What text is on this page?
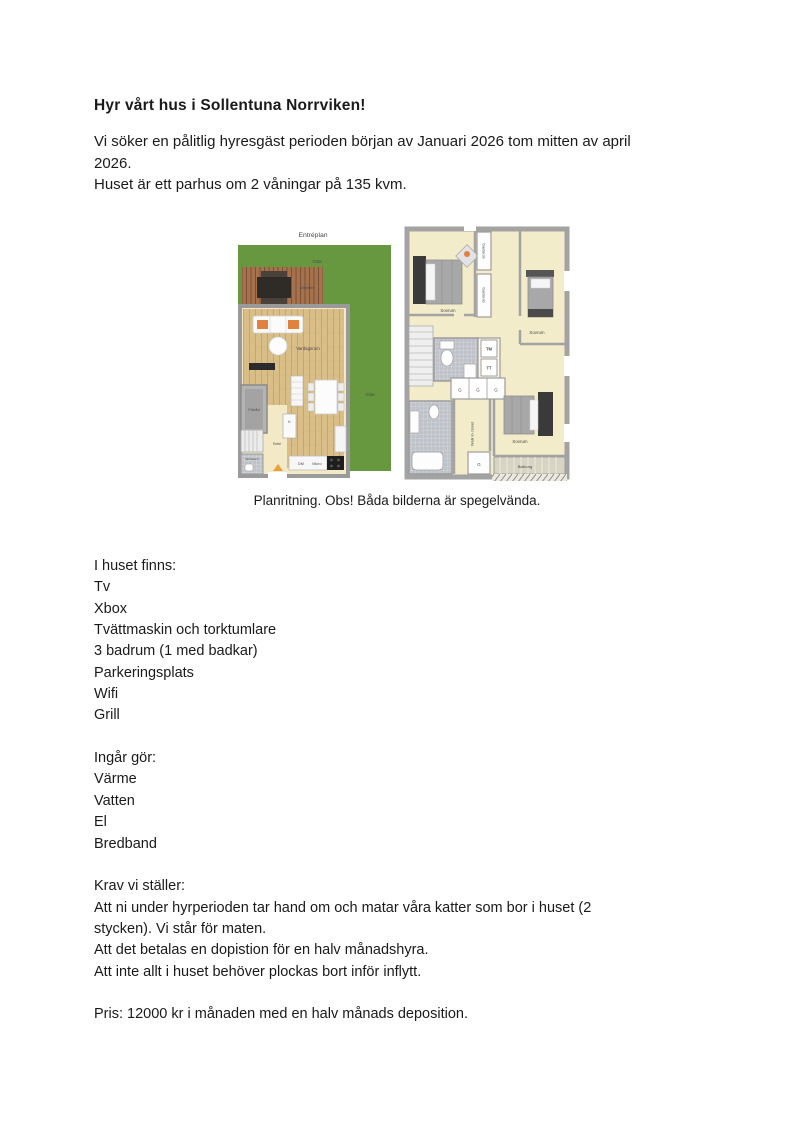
Hyr vårt hus i Sollentuna Norrviken!
Vi söker en pålitlig hyresgäst perioden början av Januari 2026 tom mitten av april
2026.
Huset är ett parhus om 2 våningar på 135 kvm.
Entréplan
Gräs
Gräs
Uteplats
Vardagsrum
Förråd
K
WC/dusch
Entré
DM Micro
Sovrum
Garderob
Garderob
Sovrum
TM
TT
G	G	G
Walk in closet	Sovrum
G	Balkong
Planritning. Obs! Båda bilderna är spegelvända.
I huset finns:
Tv
Xbox
Tvättmaskin och torktumlare
3 badrum (1 med badkar)
Parkeringsplats
Wifi
Grill
Ingår gör:
Värme
Vatten
El
Bredband
Krav vi ställer:
Att ni under hyrperioden tar hand om och matar våra katter som bor i huset (2
stycken). Vi står för maten.
Att det betalas en dopistion för en halv månadshyra.
Att inte allt i huset behöver plockas bort inför inflytt.
Pris: 12000 kr i månaden med en halv månads deposition.
